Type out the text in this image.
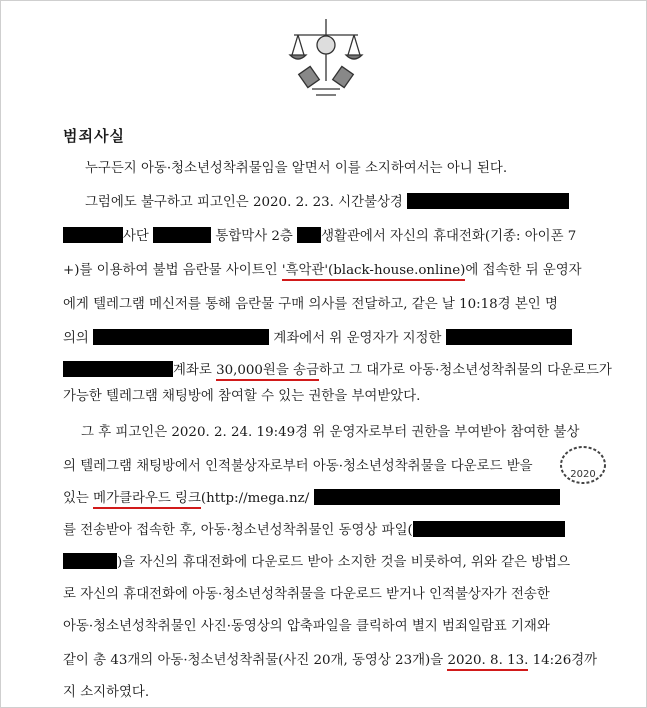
범죄사실
누구든지 아동·청소년성착취물임을 알면서 이를 소지하여서는 아니 된다.
그럼에도 불구하고 피고인은 2020. 2. 23. 시간불상경
사단	통합막사 2층 생활관에서 자신의 휴대전화(기종: 아이폰 7
+)를 이용하여 불법 음란물 사이트인 '흑악관'(black-house.online)에 접속한 뒤 운영자
에게 텔레그램 메신저를 통해 음란물 구매 의사를 전달하고, 같은 날 10:18경 본인 명
의의	계좌에서 위 운영자가 지정한
계좌로 30,000원을 송금하고 그 대가로 아동·청소년성착취물의 다운로드가
가능한 텔레그램 채팅방에 참여할 수 있는 권한을 부여받았다.
그 후 피고인은 2020. 2. 24. 19:49경 위 운영자로부터 권한을 부여받아 참여한 불상
의 텔레그램 채팅방에서 인적불상자로부터 아동·청소년성착취물을 다운로드 받을
있는 메가클라우드 링크(http://mega.nz/
를 전송받아 접속한 후, 아동·청소년성착취물인 동영상 파일(
)을 자신의 휴대전화에 다운로드 받아 소지한 것을 비롯하여, 위와 같은 방법으
로 자신의 휴대전화에 아동·청소년성착취물을 다운로드 받거나 인적불상자가 전송한
아동·청소년성착취물인 사진·동영상의 압축파일을 클릭하여 별지 범죄일람표 기재와
같이 총 43개의 아동·청소년성착취물(사진 20개, 동영상 23개)을 2020. 8. 13. 14:26경까
지 소지하였다.
2020
